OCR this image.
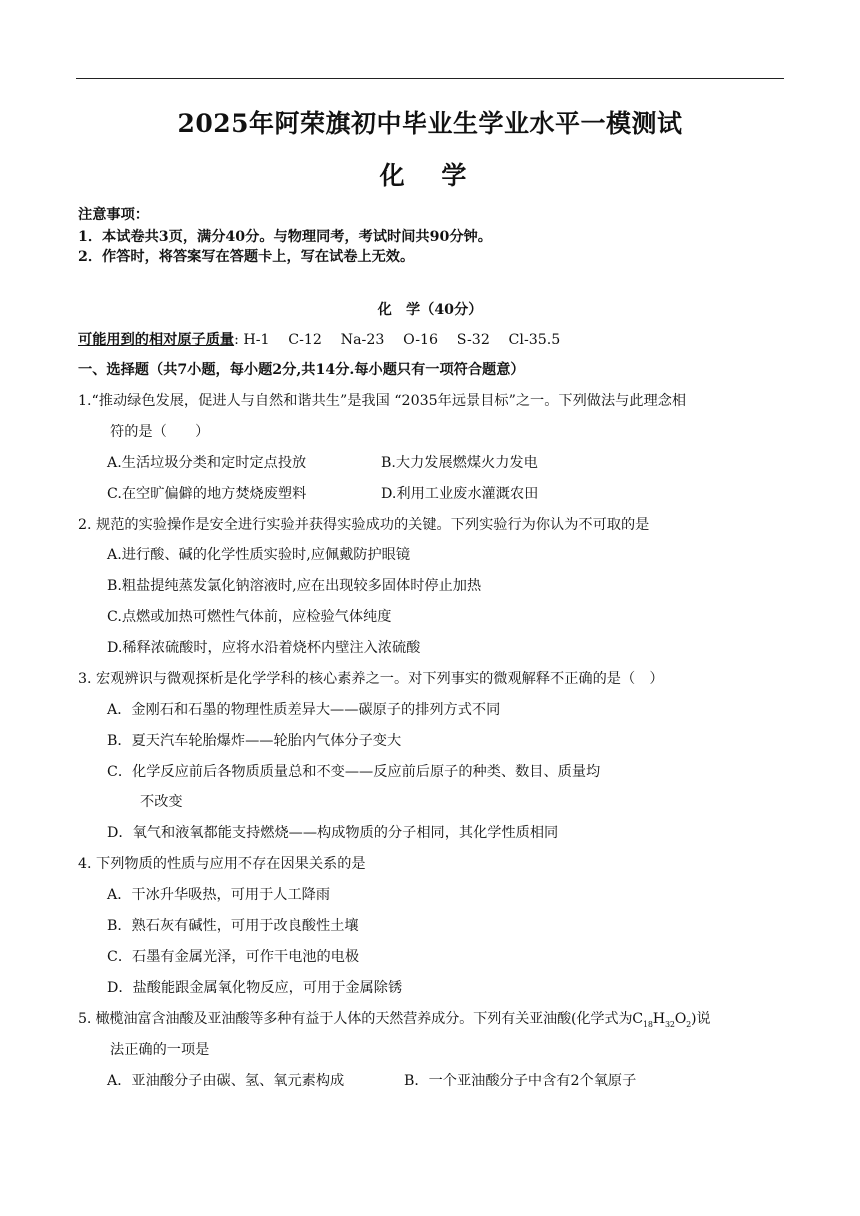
2025年阿荣旗初中毕业生学业水平一模测试
化 学
注意事项：
1．本试卷共3页，满分40分。与物理同考，考试时间共90分钟。
2．作答时，将答案写在答题卡上，写在试卷上无效。
化　学（40分）
可能用到的相对原子质量: H-1　 C-12　 Na-23　 O-16　 S-32　 Cl-35.5
一、选择题（共7小题，每小题2分,共14分.每小题只有一项符合题意）
1.“推动绿色发展，促进人与自然和谐共生”是我国 “2035年远景目标”之一。下列做法与此理念相
符的是（　　）
A.生活垃圾分类和定时定点投放	B.大力发展燃煤火力发电
C.在空旷偏僻的地方焚烧废塑料	D.利用工业废水灌溉农田
2. 规范的实验操作是安全进行实验并获得实验成功的关键。下列实验行为你认为不可取的是
A.进行酸、碱的化学性质实验时,应佩戴防护眼镜
B.粗盐提纯蒸发氯化钠溶液时,应在出现较多固体时停止加热
C.点燃或加热可燃性气体前，应检验气体纯度
D.稀释浓硫酸时，应将水沿着烧杯内壁注入浓硫酸
3. 宏观辨识与微观探析是化学学科的核心素养之一。对下列事实的微观解释不正确的是（　）
A．金刚石和石墨的物理性质差异大——碳原子的排列方式不同
B．夏天汽车轮胎爆炸——轮胎内气体分子变大
C．化学反应前后各物质质量总和不变——反应前后原子的种类、数目、质量均
不改变
D．氧气和液氧都能支持燃烧——构成物质的分子相同，其化学性质相同
4. 下列物质的性质与应用不存在因果关系的是
A．干冰升华吸热，可用于人工降雨
B．熟石灰有碱性，可用于改良酸性土壤
C．石墨有金属光泽，可作干电池的电极
D．盐酸能跟金属氧化物反应，可用于金属除锈
5. 橄榄油富含油酸及亚油酸等多种有益于人体的天然营养成分。下列有关亚油酸(化学式为$C_{18}H_{32}O_2$)说
法正确的一项是
A．亚油酸分子由碳、氢、氧元素构成	B．一个亚油酸分子中含有2个氧原子
